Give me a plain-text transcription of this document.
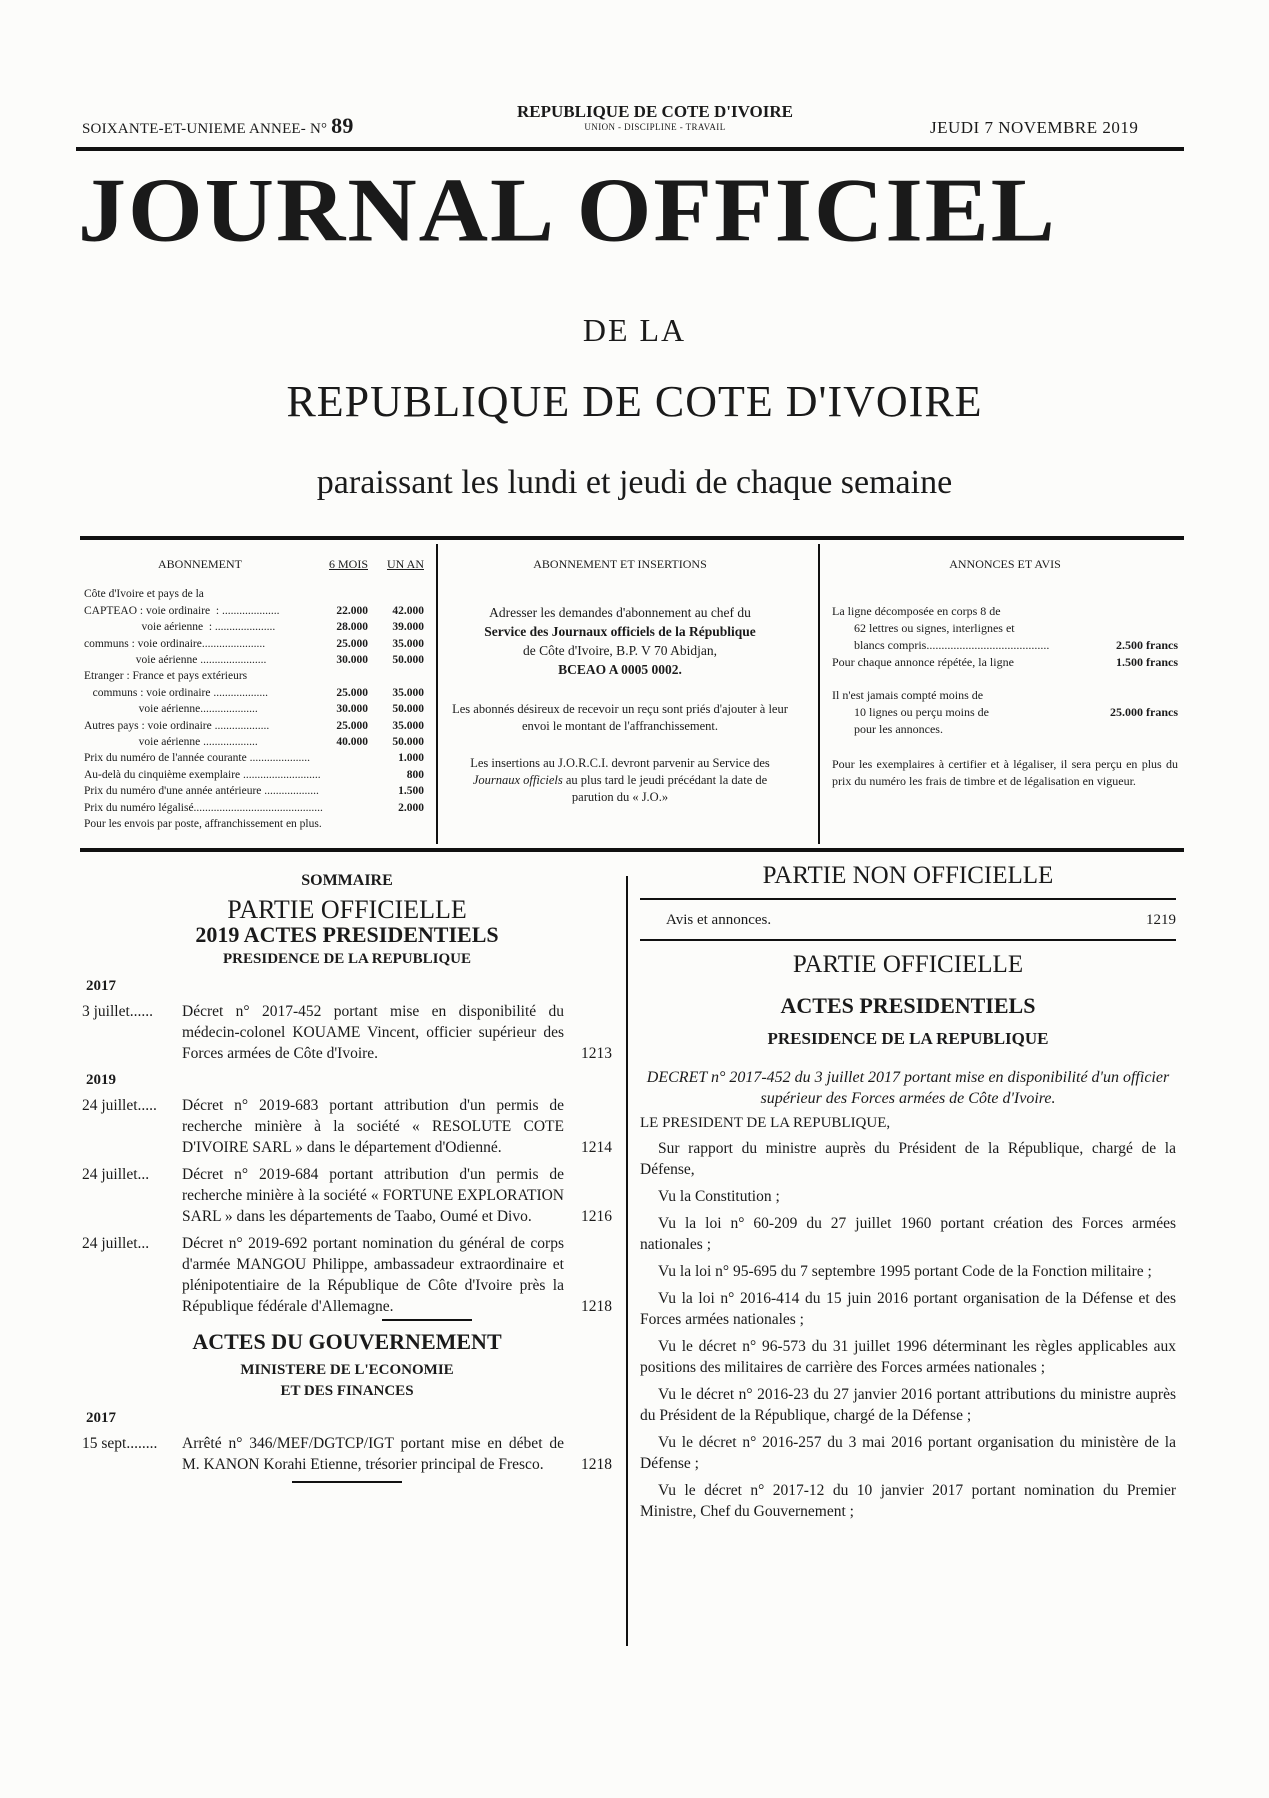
SOIXANTE-ET-UNIEME ANNEE- N° 89
REPUBLIQUE DE COTE D'IVOIRE
UNION - DISCIPLINE - TRAVAIL	JEUDI 7 NOVEMBRE 2019
JOURNAL OFFICIEL
DE LA
REPUBLIQUE DE COTE D'IVOIRE
paraissant les lundi et jeudi de chaque semaine
ABONNEMENT	6 MOIS	UN AN
Côte d'Ivoire et pays de la
CAPTEAO : voie ordinaire  : ....................	22.000	42.000
voie aérienne  : .....................	28.000	39.000
communs : voie ordinaire......................	25.000	35.000
voie aérienne .......................	30.000	50.000
Etranger : France et pays extérieurs
communs : voie ordinaire ...................	25.000	35.000
voie aérienne....................	30.000	50.000
Autres pays : voie ordinaire ...................	25.000	35.000
voie aérienne ...................	40.000	50.000
Prix du numéro de l'année courante .....................	1.000
Au-delà du cinquième exemplaire ...........................	800
Prix du numéro d'une année antérieure ...................	1.500
Prix du numéro légalisé.............................................	2.000
Pour les envois par poste, affranchissement en plus.
ABONNEMENT ET INSERTIONS
Adresser les demandes d'abonnement au chef du
Service des Journaux officiels de la République
de Côte d'Ivoire, B.P. V 70 Abidjan,
BCEAO A 0005 0002.
Les abonnés désireux de recevoir un reçu sont priés d'ajouter à leur envoi le montant de l'affranchissement.
Les insertions au J.O.R.C.I. devront parvenir au Service des Journaux officiels au plus tard le jeudi précédant la date de parution du « J.O.»
ANNONCES ET AVIS
La ligne décomposée en corps 8 de
62 lettres ou signes, interlignes et
blancs compris.........................................	2.500 francs
Pour chaque annonce répétée, la ligne	1.500 francs
Il n'est jamais compté moins de
10 lignes ou perçu moins de	25.000 francs
pour les annonces.
Pour les exemplaires à certifier et à légaliser, il sera perçu en plus du prix du numéro les frais de timbre et de légalisation en vigueur.
SOMMAIRE
PARTIE OFFICIELLE
2019 ACTES PRESIDENTIELS
PRESIDENCE DE LA REPUBLIQUE
2017
3 juillet......	Décret n° 2017-452 portant mise en disponibilité du médecin-colonel KOUAME Vincent, officier supérieur des Forces armées de Côte d'Ivoire.	1213
2019
24 juillet.....	Décret n° 2019-683 portant attribution d'un permis de recherche minière à la société « RESOLUTE COTE D'IVOIRE SARL » dans le département d'Odienné.	1214
24 juillet...	Décret n° 2019-684 portant attribution d'un permis de recherche minière à la société « FORTUNE EXPLORATION SARL » dans les départements de Taabo, Oumé et Divo.	1216
24 juillet...	Décret n° 2019-692 portant nomination du général de corps d'armée MANGOU Philippe, ambassadeur extraordinaire et plénipotentiaire de la République de Côte d'Ivoire près la République fédérale d'Allemagne.	1218
ACTES DU GOUVERNEMENT
MINISTERE DE L'ECONOMIE
ET DES FINANCES
2017
15 sept........	Arrêté n° 346/MEF/DGTCP/IGT portant mise en débet de M. KANON Korahi Etienne, trésorier principal de Fresco.	1218
PARTIE NON OFFICIELLE
Avis et annonces.	1219
PARTIE OFFICIELLE
ACTES PRESIDENTIELS
PRESIDENCE DE LA REPUBLIQUE
DECRET n° 2017-452 du 3 juillet 2017 portant mise en disponibilité d'un officier supérieur des Forces armées de Côte d'Ivoire.
LE PRESIDENT DE LA REPUBLIQUE,

Sur rapport du ministre auprès du Président de la République, chargé de la Défense,

Vu la Constitution ;

Vu la loi n° 60-209 du 27 juillet 1960 portant création des Forces armées nationales ;

Vu la loi n° 95-695 du 7 septembre 1995 portant Code de la Fonction militaire ;

Vu la loi n° 2016-414 du 15 juin 2016 portant organisation de la Défense et des Forces armées nationales ;

Vu le décret n° 96-573 du 31 juillet 1996 déterminant les règles applicables aux positions des militaires de carrière des Forces armées nationales ;

Vu le décret n° 2016-23 du 27 janvier 2016 portant attributions du ministre auprès du Président de la République, chargé de la Défense ;

Vu le décret n° 2016-257 du 3 mai 2016 portant organisation du ministère de la Défense ;

Vu le décret n° 2017-12 du 10 janvier 2017 portant nomination du Premier Ministre, Chef du Gouvernement ;
